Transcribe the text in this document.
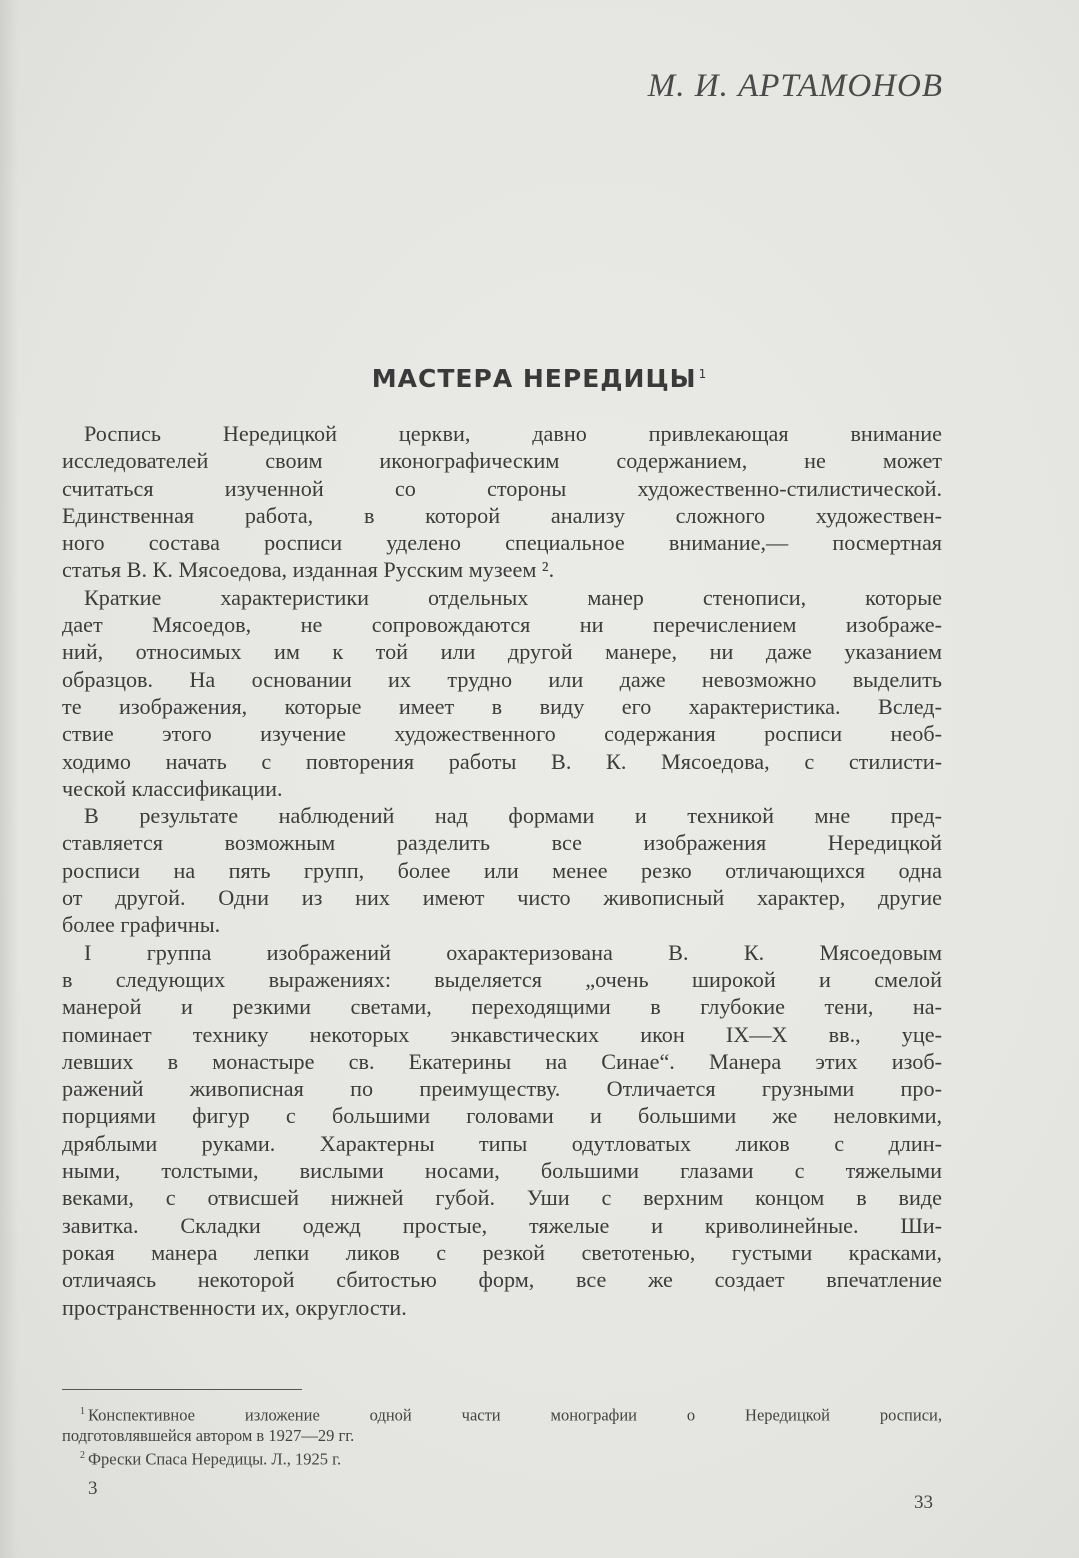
М. И. АРТАМОНОВ
МАСТЕРА НЕРЕДИЦЫ $^1$

Роспись Нередицкой церкви, давно привлекающая внимание
исследователей своим иконографическим содержанием, не может
считаться изученной со стороны художественно-стилистической.
Единственная работа, в которой анализу сложного художествен-
ного состава росписи уделено специальное внимание,— посмертная
статья В. К. Мясоедова, изданная Русским музеем ².

Краткие характеристики отдельных манер стенописи, которые
дает Мясоедов, не сопровождаются ни перечислением изображе-
ний, относимых им к той или другой манере, ни даже указанием
образцов. На основании их трудно или даже невозможно выделить
те изображения, которые имеет в виду его характеристика. Вслед-
ствие этого изучение художественного содержания росписи необ-
ходимо начать с повторения работы В. К. Мясоедова, с стилисти-
ческой классификации.

В результате наблюдений над формами и техникой мне пред-
ставляется возможным разделить все изображения Нередицкой
росписи на пять групп, более или менее резко отличающихся одна
от другой. Одни из них имеют чисто живописный характер, другие
более графичны.

I группа изображений охарактеризована В. К. Мясоедовым
в следующих выражениях: выделяется „очень широкой и смелой
манерой и резкими светами, переходящими в глубокие тени, на-
поминает технику некоторых энкавстических икон IX—X вв., уце-
левших в монастыре св. Екатерины на Синае“. Манера этих изоб-
ражений живописная по преимуществу. Отличается грузными про-
порциями фигур с большими головами и большими же неловкими,
дряблыми руками. Характерны типы одутловатых ликов с длин-
ными, толстыми, вислыми носами, большими глазами с тяжелыми
веками, с отвисшей нижней губой. Уши с верхним концом в виде
завитка. Складки одежд простые, тяжелые и криволинейные. Ши-
рокая манера лепки ликов с резкой светотенью, густыми красками,
отличаясь некоторой сбитостью форм, все же создает впечатление
пространственности их, округлости.

$^1$ Конспективное изложение одной части монографии о Нередицкой росписи,
подготовлявшейся автором в 1927—29 гг.
$^2$ Фрески Спаса Нередицы. Л., 1925 г.
3
33
